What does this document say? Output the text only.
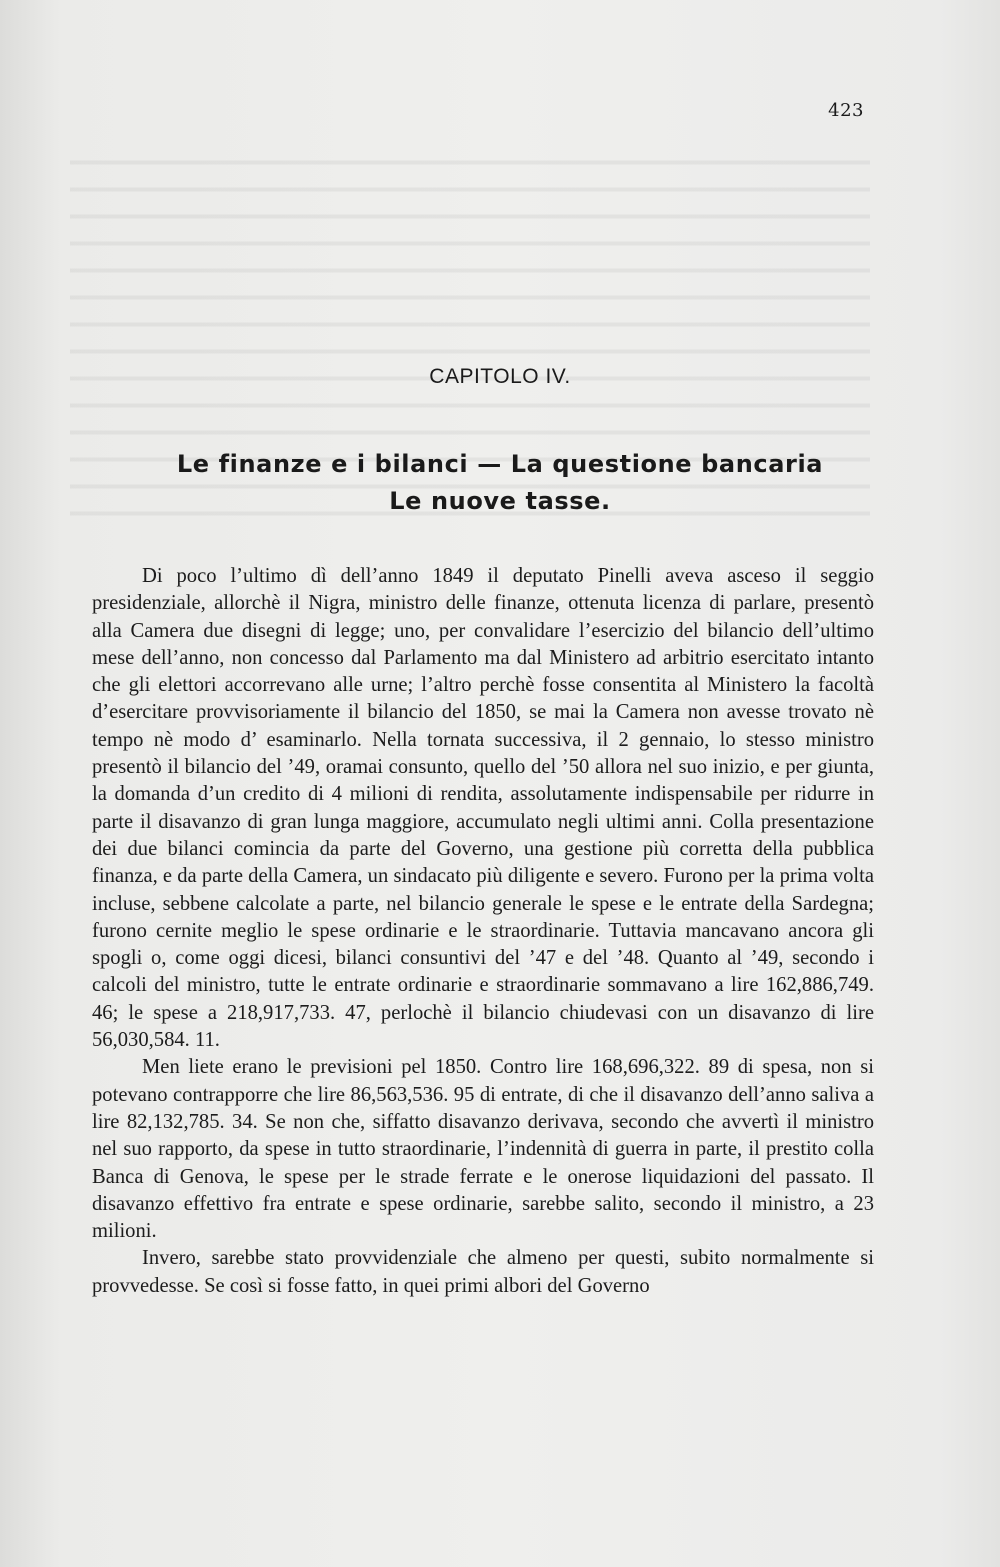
423
CAPITOLO IV.
Le finanze e i bilanci — La questione bancaria
Le nuove tasse.

Di poco l’ultimo dì dell’anno 1849 il deputato Pinelli aveva asceso il seggio presidenziale, allorchè il Nigra, ministro delle finanze, ottenuta licenza di parlare, presentò alla Camera due disegni di legge; uno, per convalidare l’esercizio del bilancio dell’ultimo mese dell’anno, non concesso dal Parlamento ma dal Ministero ad arbitrio esercitato intanto che gli elettori accorrevano alle urne; l’altro perchè fosse consentita al Ministero la facoltà d’esercitare provvisoriamente il bilancio del 1850, se mai la Camera non avesse trovato nè tempo nè modo d’ esaminarlo. Nella tornata successiva, il 2 gennaio, lo stesso ministro presentò il bilancio del ’49, oramai consunto, quello del ’50 allora nel suo inizio, e per giunta, la domanda d’un credito di 4 milioni di rendita, assolutamente indispensabile per ridurre in parte il disavanzo di gran lunga maggiore, accumulato negli ultimi anni. Colla presentazione dei due bilanci comincia da parte del Governo, una gestione più corretta della pubblica finanza, e da parte della Camera, un sindacato più diligente e severo. Furono per la prima volta incluse, sebbene calcolate a parte, nel bilancio generale le spese e le entrate della Sardegna; furono cernite meglio le spese ordinarie e le straordinarie. Tuttavia mancavano ancora gli spogli o, come oggi dicesi, bilanci consuntivi del ’47 e del ’48. Quanto al ’49, secondo i calcoli del ministro, tutte le entrate ordinarie e straordinarie sommavano a lire 162,886,749. 46; le spese a 218,917,733. 47, perlochè il bilancio chiudevasi con un disavanzo di lire 56,030,584. 11.

Men liete erano le previsioni pel 1850. Contro lire 168,696,322. 89 di spesa, non si potevano contrapporre che lire 86,563,536. 95 di entrate, di che il disavanzo dell’anno saliva a lire 82,132,785. 34. Se non che, siffatto disavanzo derivava, secondo che avvertì il ministro nel suo rapporto, da spese in tutto straordinarie, l’indennità di guerra in parte, il prestito colla Banca di Genova, le spese per le strade ferrate e le onerose liquidazioni del passato. Il disavanzo effettivo fra entrate e spese ordinarie, sarebbe salito, secondo il ministro, a 23 milioni.

Invero, sarebbe stato provvidenziale che almeno per questi, subito normalmente si provvedesse. Se così si fosse fatto, in quei primi albori del Governo
